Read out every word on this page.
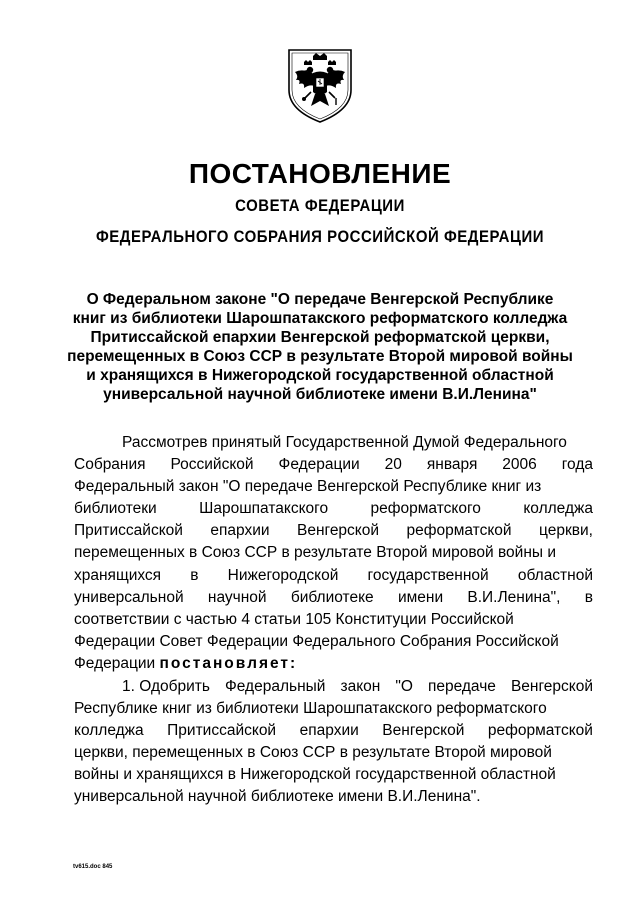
ПОСТАНОВЛЕНИЕ
СОВЕТА ФЕДЕРАЦИИ
ФЕДЕРАЛЬНОГО СОБРАНИЯ РОССИЙСКОЙ ФЕДЕРАЦИИ
О Федеральном законе "О передаче Венгерской Республике
книг из библиотеки Шарошпатакского реформатского колледжа
Притиссайской епархии Венгерской реформатской церкви,
перемещенных в Союз ССР в результате Второй мировой войны
и хранящихся в Нижегородской государственной областной
универсальной научной библиотеке имени В.И.Ленина"
Рассмотрев принятый Государственной Думой Федерального
Собрания Российской Федерации 20 января 2006 года
Федеральный закон "О передаче Венгерской Республике книг из
библиотеки	Шарошпатакского	реформатского	колледжа
Притиссайской епархии Венгерской реформатской церкви,
перемещенных в Союз ССР в результате Второй мировой войны и
хранящихся в Нижегородской государственной областной
универсальной научной библиотеке имени В.И.Ленина", в
соответствии с частью 4 статьи 105 Конституции Российской
Федерации Совет Федерации Федерального Собрания Российской
Федерации постановляет:
1. Одобрить Федеральный закон "О передаче Венгерской
Республике книг из библиотеки Шарошпатакского реформатского
колледжа Притиссайской епархии Венгерской реформатской
церкви, перемещенных в Союз ССР в результате Второй мировой
войны и хранящихся в Нижегородской государственной областной
универсальной научной библиотеке имени В.И.Ленина".
tv615.doc 845
